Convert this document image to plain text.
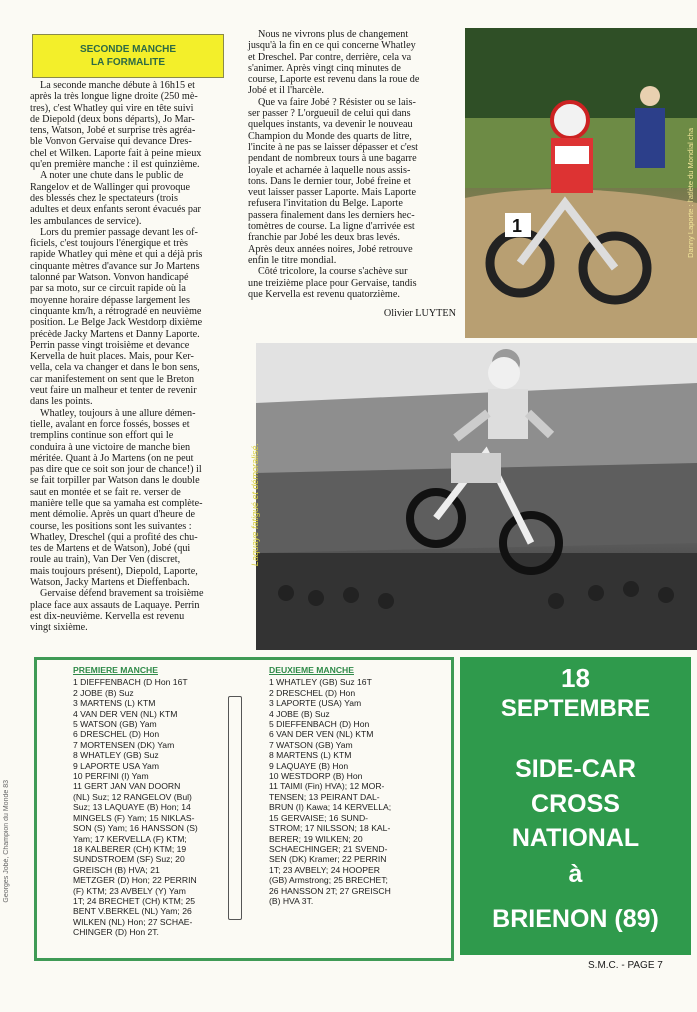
SECONDE MANCHE
LA FORMALITE
La seconde manche débute à 16h15 et
après la très longue ligne droite (250 mè-
tres), c'est Whatley qui vire en tête suivi
de Diepold (deux bons départs), Jo Mar-
tens, Watson, Jobé et surprise très agréa-
ble Vonvon Gervaise qui devance Dres-
chel et Wilken. Laporte fait à peine mieux
qu'en première manche : il est quinzième.
A noter une chute dans le public de
Rangelov et de Wallinger qui provoque
des blessés chez le spectateurs (trois
adultes et deux enfants seront évacués par
les ambulances de service).
Lors du premier passage devant les of-
ficiels, c'est toujours l'énergique et très
rapide Whatley qui mène et qui a déjà pris
cinquante mètres d'avance sur Jo Martens
talonné par Watson. Vonvon handicapé
par sa moto, sur ce circuit rapide où la
moyenne horaire dépasse largement les
cinquante km/h, a rétrogradé en neuvième
position. Le Belge Jack Westdorp dixième
précède Jacky Martens et Danny Laporte.
Perrin passe vingt troisième et devance
Kervella de huit places. Mais, pour Ker-
vella, cela va changer et dans le bon sens,
car manifestement on sent que le Breton
veut faire un malheur et tenter de revenir
dans les points.
Whatley, toujours à une allure démen-
tielle, avalant en force fossés, bosses et
tremplins continue son effort qui le
conduira à une victoire de manche bien
méritée. Quant à Jo Martens (on ne peut
pas dire que ce soit son jour de chance!) il
se fait torpiller par Watson dans le double
saut en montée et se fait re. verser de
manière telle que sa yamaha est complète-
ment démolie. Après un quart d'heure de
course, les positions sont les suivantes :
Whatley, Dreschel (qui a profité des chu-
tes de Martens et de Watson), Jobé (qui
roule au train), Van Der Ven (discret,
mais toujours présent), Diepold, Laporte,
Watson, Jacky Martens et Dieffenbach.
Gervaise défend bravement sa troisième
place face aux assauts de Laquaye. Perrin
est dix-neuvième. Kervella est revenu
vingt sixième.
Nous ne vivrons plus de changement
jusqu'à la fin en ce qui concerne Whatley
et Dreschel. Par contre, derrière, cela va
s'animer. Après vingt cinq minutes de
course, Laporte est revenu dans la roue de
Jobé et il l'harcèle.
Que va faire Jobé ? Résister ou se lais-
ser passer ? L'orgueuil de celui qui dans
quelques instants, va devenir le nouveau
Champion du Monde des quarts de litre,
l'incite à ne pas se laisser dépasser et c'est
pendant de nombreux tours à une bagarre
loyale et acharnée à laquelle nous assis-
tons. Dans le dernier tour, Jobé freine et
veut laisser passer Laporte. Mais Laporte
refusera l'invitation du Belge. Laporte
passera finalement dans les derniers hec-
tomètres de course. La ligne d'arrivée est
franchie par Jobé les deux bras levés.
Après deux années noires, Jobé retrouve
enfin le titre mondial.
Côté tricolore, la course s'achève sur
une treizième place pour Gervaise, tandis
que Kervella est revenu quatorzième.
Olivier LUYTEN
1	Danny Laporte : l'atlète du Mondial cha
Laquaye fatigué et démoralisé.
Georges Jobé, Champion du Monde 83
PREMIERE MANCHE
1 DIEFFENBACH (D Hon 16T
2 JOBE (B) Suz
3 MARTENS (L) KTM
4 VAN DER VEN (NL) KTM
5 WATSON (GB) Yam
6 DRESCHEL (D) Hon
7 MORTENSEN (DK) Yam
8 WHATLEY (GB) Suz
9 LAPORTE USA Yam
10 PERFINI (I) Yam
11 GERT JAN VAN DOORN
(NL) Suz; 12 RANGELOV (Bul)
Suz; 13 LAQUAYE (B) Hon; 14
MINGELS (F) Yam; 15 NIKLAS-
SON (S) Yam; 16 HANSSON (S)
Yam; 17 KERVELLA (F) KTM;
18 KALBERER (CH) KTM; 19
SUNDSTROEM (SF) Suz; 20
GREISCH (B) HVA; 21
METZGER (D) Hon; 22 PERRIN
(F) KTM; 23 AVBELY (Y) Yam
1T; 24 BRECHET (CH) KTM; 25
BENT V.BERKEL (NL) Yam; 26
WILKEN (NL) Hon; 27 SCHAE-
CHINGER (D) Hon 2T.
DEUXIEME MANCHE
1 WHATLEY (GB) Suz 16T
2 DRESCHEL (D) Hon
3 LAPORTE (USA) Yam
4 JOBE (B) Suz
5 DIEFFENBACH (D) Hon
6 VAN DER VEN (NL) KTM
7 WATSON (GB) Yam
8 MARTENS (L) KTM
9 LAQUAYE (B) Hon
10 WESTDORP (B) Hon
11 TAIMI (Fin) HVA); 12 MOR-
TENSEN; 13 PEIRANT DAL-
BRUN (I) Kawa; 14 KERVELLA;
15 GERVAISE; 16 SUND-
STROM; 17 NILSSON; 18 KAL-
BERER; 19 WILKEN; 20
SCHAECHINGER; 21 SVEND-
SEN (DK) Kramer; 22 PERRIN
1T; 23 AVBELY; 24 HOOPER
(GB) Armstrong; 25 BRECHET;
26 HANSSON 2T; 27 GREISCH
(B) HVA 3T.
18
SEPTEMBRE
SIDE-CAR
CROSS
NATIONAL
à
BRIENON (89)
S.M.C. - PAGE 7
